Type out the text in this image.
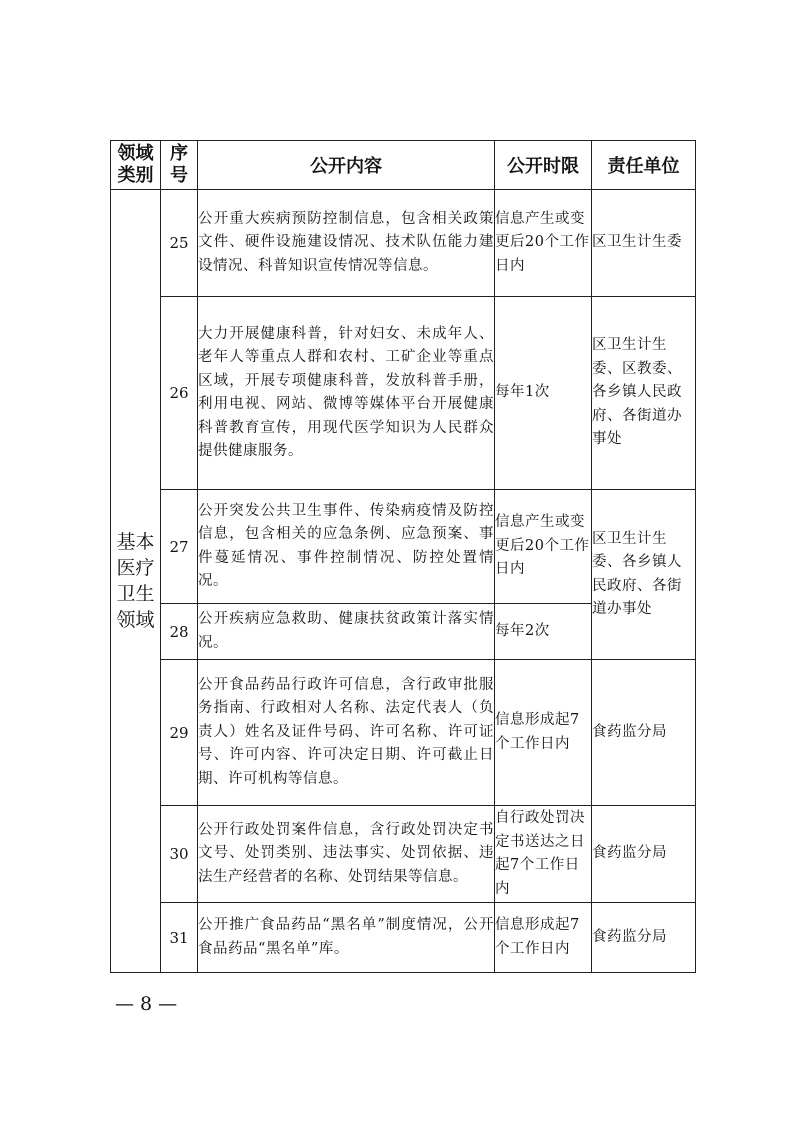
领域类别	序号	公开内容	公开时限	责任单位
基本医疗卫生领域	25	公开重大疾病预防控制信息，包含相关政策文件、硬件设施建设情况、技术队伍能力建设情况、科普知识宣传情况等信息。	信息产生或变更后20个工作日内	区卫生计生委
	26	大力开展健康科普，针对妇女、未成年人、老年人等重点人群和农村、工矿企业等重点区域，开展专项健康科普，发放科普手册，利用电视、网站、微博等媒体平台开展健康科普教育宣传，用现代医学知识为人民群众提供健康服务。	每年1次	区卫生计生委、区教委、各乡镇人民政府、各街道办事处
	27	公开突发公共卫生事件、传染病疫情及防控信息，包含相关的应急条例、应急预案、事件蔓延情况、事件控制情况、防控处置情况。	信息产生或变更后20个工作日内	区卫生计生委、各乡镇人民政府、各街道办事处
	28	公开疾病应急救助、健康扶贫政策计落实情况。	每年2次	
	29	公开食品药品行政许可信息，含行政审批服务指南、行政相对人名称、法定代表人（负责人）姓名及证件号码、许可名称、许可证号、许可内容、许可决定日期、许可截止日期、许可机构等信息。	信息形成起7个工作日内	食药监分局
	30	公开行政处罚案件信息，含行政处罚决定书文号、处罚类别、违法事实、处罚依据、违法生产经营者的名称、处罚结果等信息。	自行政处罚决定书送达之日起7个工作日内	食药监分局
	31	公开推广食品药品“黑名单”制度情况，公开食品药品“黑名单”库。	信息形成起7个工作日内	食药监分局
— 8 —
